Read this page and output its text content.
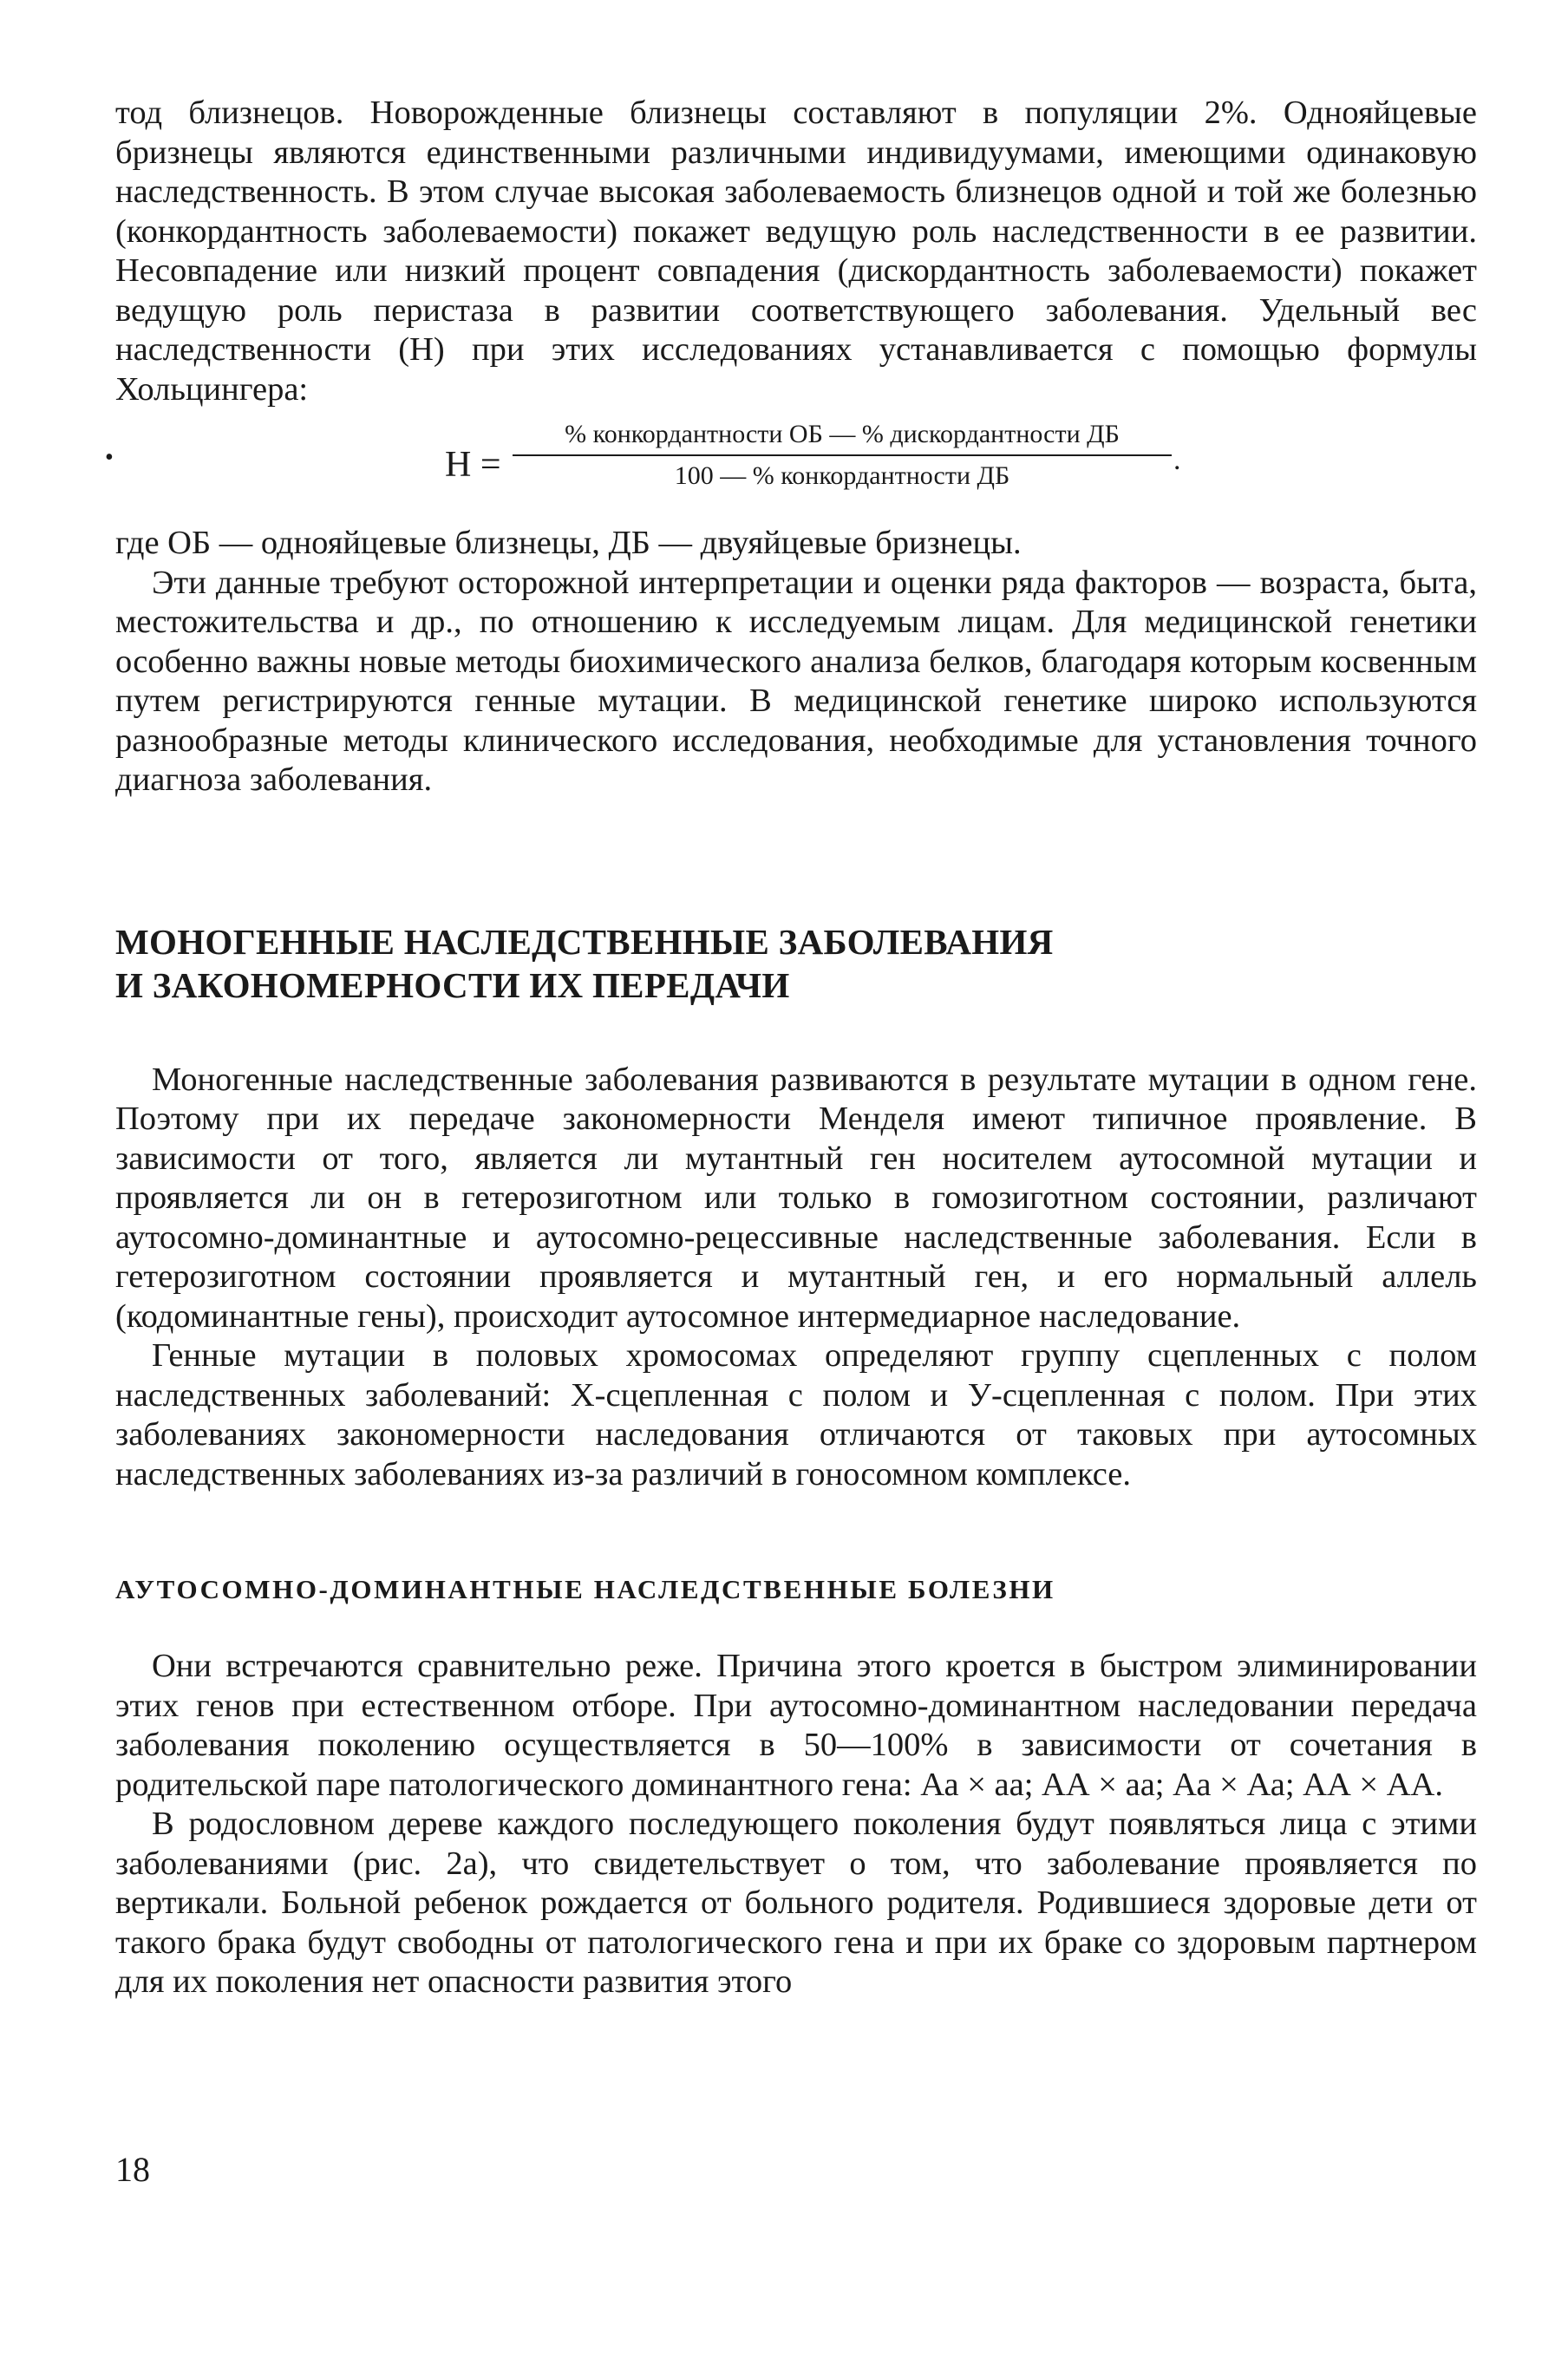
тод близнецов. Новорожденные близнецы составляют в популяции 2%. Однояйцевые бризнецы являются единственными различными индивидуумами, имеющими одинаковую наследственность. В этом случае высокая заболеваемость близнецов одной и той же болезнью (конкордантность заболеваемости) покажет ведущую роль наследственности в ее развитии. Несовпадение или низкий процент совпадения (дискордантность заболеваемости) покажет ведущую роль перистаза в развитии соответствующего заболевания. Удельный вес наследственности (Н) при этих исследованиях устанавливается с помощью формулы Хольцингера:

•	Н =
% конкордантности ОБ — % дискордантности ДБ
100 — % конкордантности ДБ	.

где ОБ — однояйцевые близнецы, ДБ — двуяйцевые бризнецы.

Эти данные требуют осторожной интерпретации и оценки ряда факторов — возраста, быта, местожительства и др., по отношению к исследуемым лицам. Для медицинской генетики особенно важны новые методы биохимического анализа белков, благодаря которым косвенным путем регистрируются генные мутации. В медицинской генетике широко используются разнообразные методы клинического исследования, необходимые для установления точного диагноза заболевания.

МОНОГЕННЫЕ НАСЛЕДСТВЕННЫЕ ЗАБОЛЕВАНИЯ
И ЗАКОНОМЕРНОСТИ ИХ ПЕРЕДАЧИ

Моногенные наследственные заболевания развиваются в результате мутации в одном гене. Поэтому при их передаче закономерности Менделя имеют типичное проявление. В зависимости от того, является ли мутантный ген носителем аутосомной мутации и проявляется ли он в гетерозиготном или только в гомозиготном состоянии, различают аутосомно-доминантные и аутосомно-рецессивные наследственные заболевания. Если в гетерозиготном состоянии проявляется и мутантный ген, и его нормальный аллель (кодоминантные гены), происходит аутосомное интермедиарное наследование.

Генные мутации в половых хромосомах определяют группу сцепленных с полом наследственных заболеваний: Х-сцепленная с полом и У-сцепленная с полом. При этих заболеваниях закономерности наследования отличаются от таковых при аутосомных наследственных заболеваниях из-за различий в гоносомном комплексе.

АУТОСОМНО-ДОМИНАНТНЫЕ НАСЛЕДСТВЕННЫЕ БОЛЕЗНИ

Они встречаются сравнительно реже. Причина этого кроется в быстром элиминировании этих генов при естественном отборе. При аутосомно-доминантном наследовании передача заболевания поколению осуществляется в 50—100% в зависимости от сочетания в родительской паре патологического доминантного гена: Аа × аа; АА × аа; Аа × Аа; АА × АА.

В родословном дереве каждого последующего поколения будут появляться лица с этими заболеваниями (рис. 2а), что свидетельствует о том, что заболевание проявляется по вертикали. Больной ребенок рождается от больного родителя. Родившиеся здоровые дети от такого брака будут свободны от патологического гена и при их браке со здоровым партнером для их поколения нет опасности развития этого

18
